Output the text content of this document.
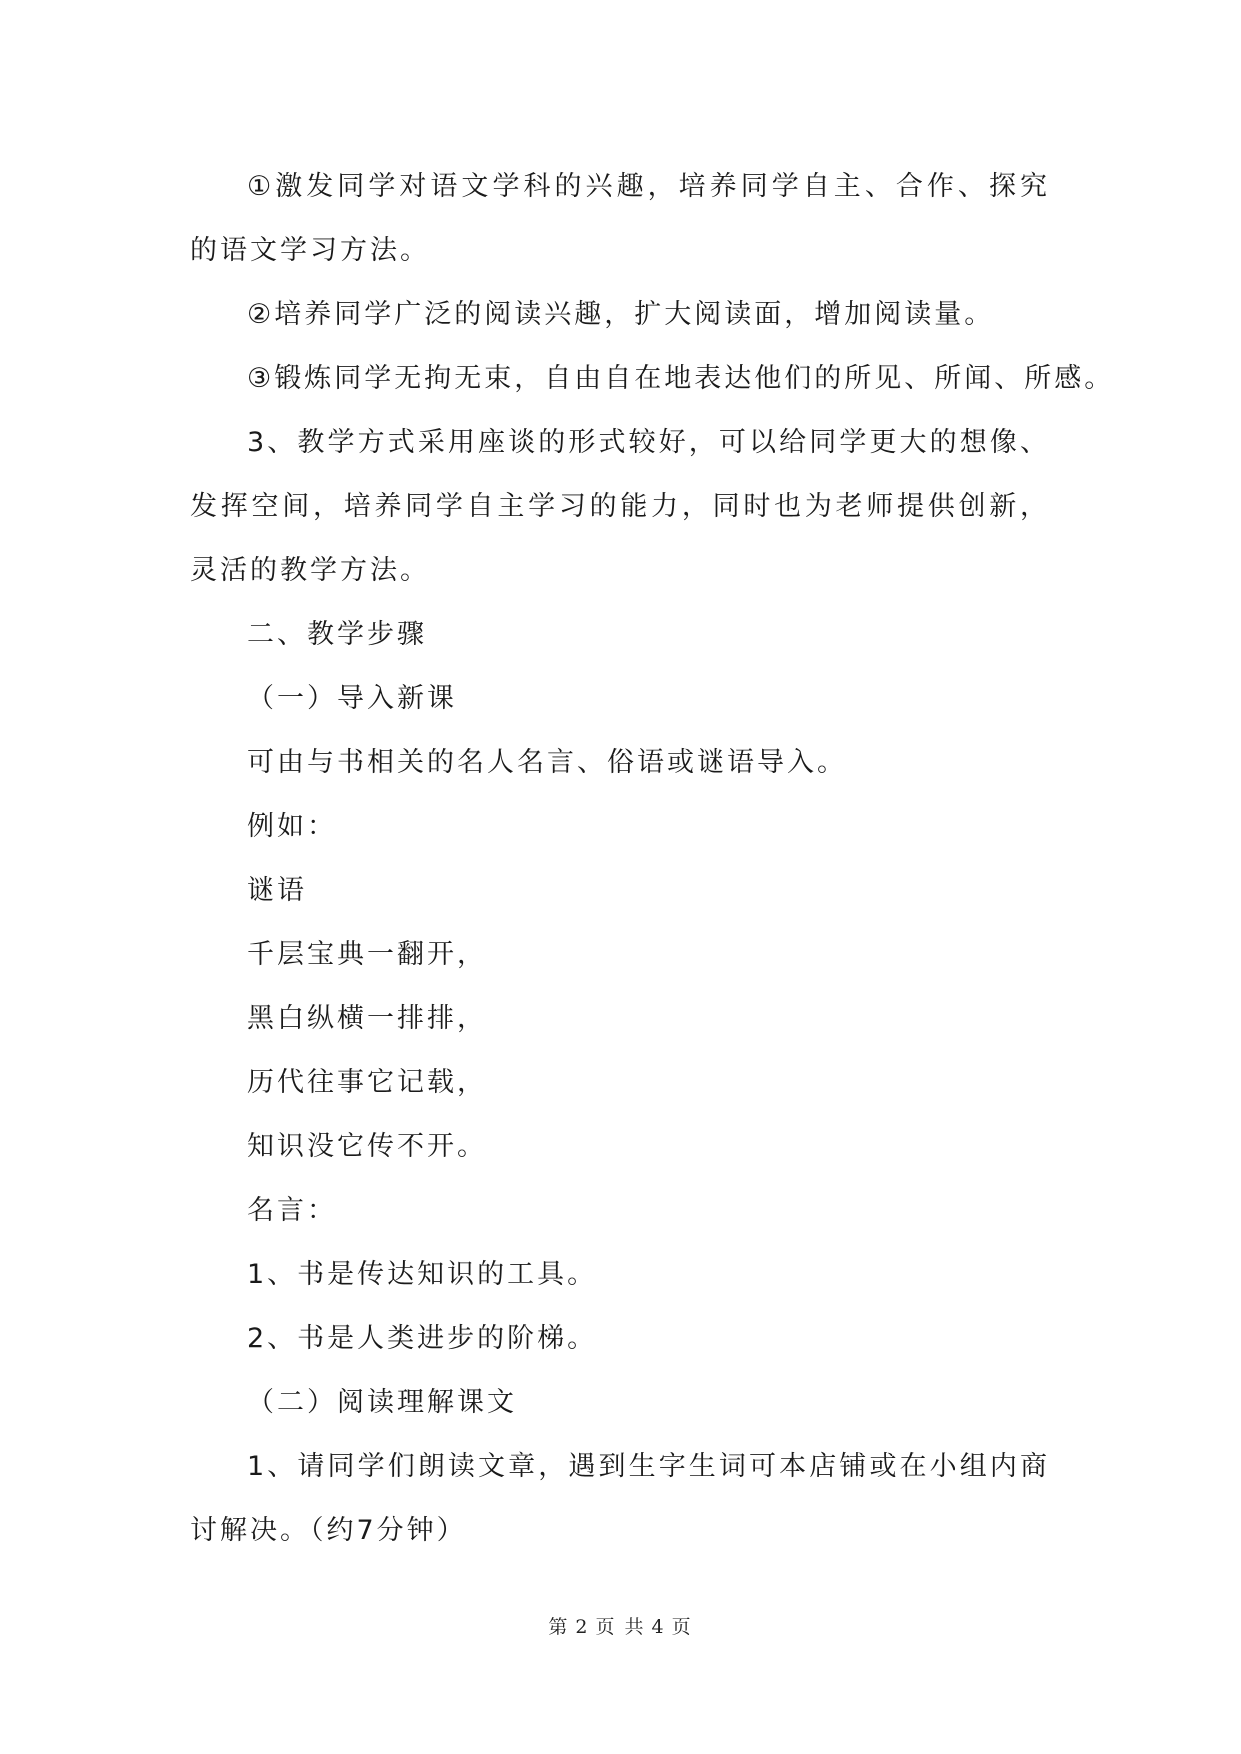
①激发同学对语文学科的兴趣，培养同学自主、合作、探究的语文学习方法。

②培养同学广泛的阅读兴趣，扩大阅读面，增加阅读量。

③锻炼同学无拘无束，自由自在地表达他们的所见、所闻、所感。

3、教学方式采用座谈的形式较好，可以给同学更大的想像、发挥空间，培养同学自主学习的能力，同时也为老师提供创新，灵活的教学方法。

二、教学步骤

（一）导入新课

可由与书相关的名人名言、俗语或谜语导入。

例如：

谜语

千层宝典一翻开，

黑白纵横一排排，

历代往事它记载，

知识没它传不开。

名言：

1、书是传达知识的工具。

2、书是人类进步的阶梯。

（二）阅读理解课文

1、请同学们朗读文章，遇到生字生词可本店铺或在小组内商讨解决。（约7分钟）

第 2 页 共 4 页
